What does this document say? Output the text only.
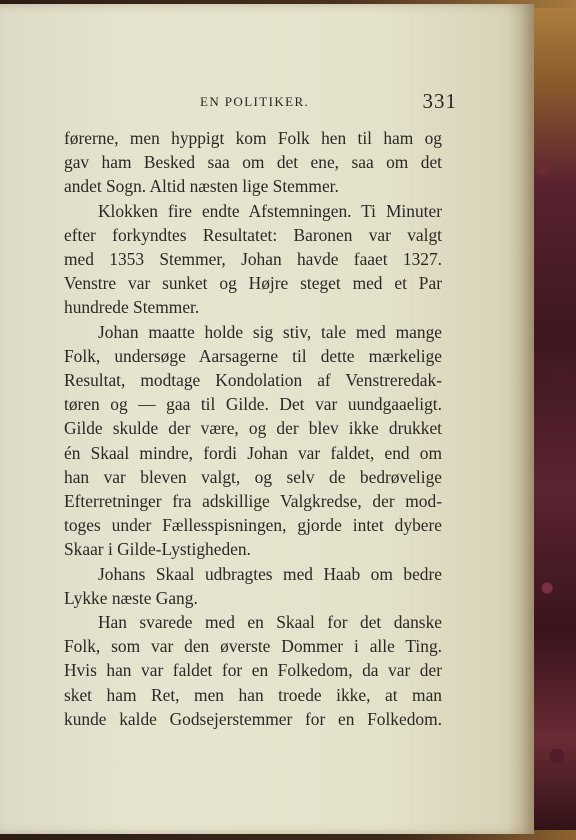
EN POLITIKER.	331
førerne, men hyppigt kom Folk hen til ham og
gav ham Besked saa om det ene, saa om det
andet Sogn. Altid næsten lige Stemmer.
Klokken fire endte Afstemningen. Ti Minuter
efter forkyndtes Resultatet: Baronen var valgt
med 1353 Stemmer, Johan havde faaet 1327.
Venstre var sunket og Højre steget med et Par
hundrede Stemmer.
Johan maatte holde sig stiv, tale med mange
Folk, undersøge Aarsagerne til dette mærkelige
Resultat, modtage Kondolation af Venstreredak-
tøren og — gaa til Gilde. Det var uundgaaeligt.
Gilde skulde der være, og der blev ikke drukket
én Skaal mindre, fordi Johan var faldet, end om
han var bleven valgt, og selv de bedrøvelige
Efterretninger fra adskillige Valgkredse, der mod-
toges under Fællesspisningen, gjorde intet dybere
Skaar i Gilde-Lystigheden.
Johans Skaal udbragtes med Haab om bedre
Lykke næste Gang.
Han svarede med en Skaal for det danske
Folk, som var den øverste Dommer i alle Ting.
Hvis han var faldet for en Folkedom, da var der
sket ham Ret, men han troede ikke, at man
kunde kalde Godsejerstemmer for en Folkedom.
